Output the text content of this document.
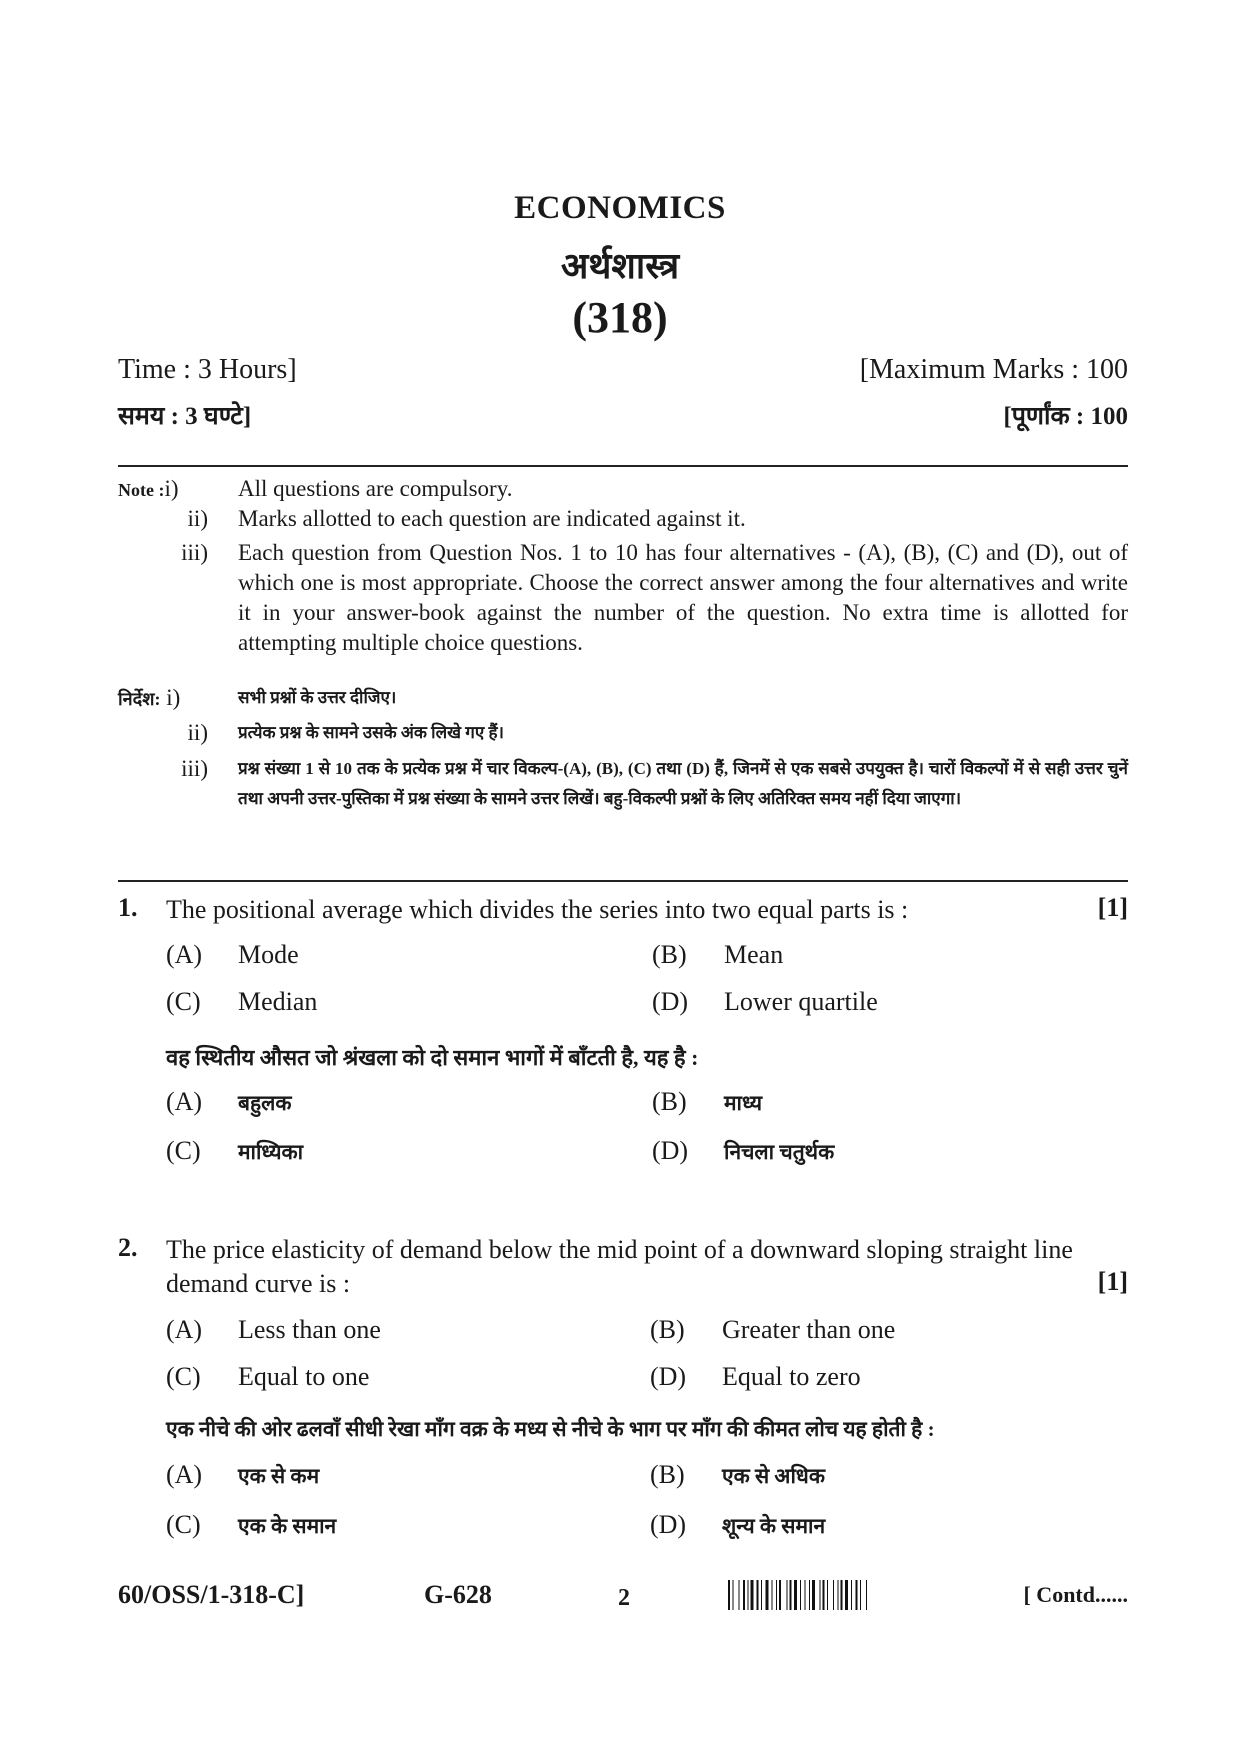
ECONOMICS
अर्थशास्त्र
(318)
Time : 3 Hours]	[Maximum Marks : 100
समय : 3 घण्टे]	[पूर्णांक : 100
Note :i)	All questions are compulsory.
ii) Marks allotted to each question are indicated against it.
iii) Each question from Question Nos. 1 to 10 has four alternatives - (A), (B), (C) and (D), out of which one is most appropriate. Choose the correct answer among the four alternatives and write it in your answer-book against the number of the question. No extra time is allotted for attempting multiple choice questions.
निर्देश: i)	सभी प्रश्नों के उत्तर दीजिए।
ii) प्रत्येक प्रश्न के सामने उसके अंक लिखे गए हैं।
iii) प्रश्न संख्या 1 से 10 तक के प्रत्येक प्रश्न में चार विकल्प-(A), (B), (C) तथा (D) हैं, जिनमें से एक सबसे उपयुक्त है। चारों विकल्पों में से सही उत्तर चुनें तथा अपनी उत्तर-पुस्तिका में प्रश्न संख्या के सामने उत्तर लिखें। बहु-विकल्पी प्रश्नों के लिए अतिरिक्त समय नहीं दिया जाएगा।
1. The positional average which divides the series into two equal parts is :	[1]
(A) Mode	(B) Mean
(C) Median	(D) Lower quartile
वह स्थितीय औसत जो श्रंखला को दो समान भागों में बाँटती है, यह है :
(A) बहुलक	(B) माध्य
(C) माध्यिका	(D) निचला चतुर्थक
2. The price elasticity of demand below the mid point of a downward sloping straight line demand curve is :	[1]
(A) Less than one	(B) Greater than one
(C) Equal to one	(D) Equal to zero
एक नीचे की ओर ढलवाँ सीधी रेखा माँग वक्र के मध्य से नीचे के भाग पर माँग की कीमत लोच यह होती है :
(A) एक से कम	(B) एक से अधिक
(C) एक के समान	(D) शून्य के समान
60/OSS/1-318-C]	G-628	2	[ Contd......
